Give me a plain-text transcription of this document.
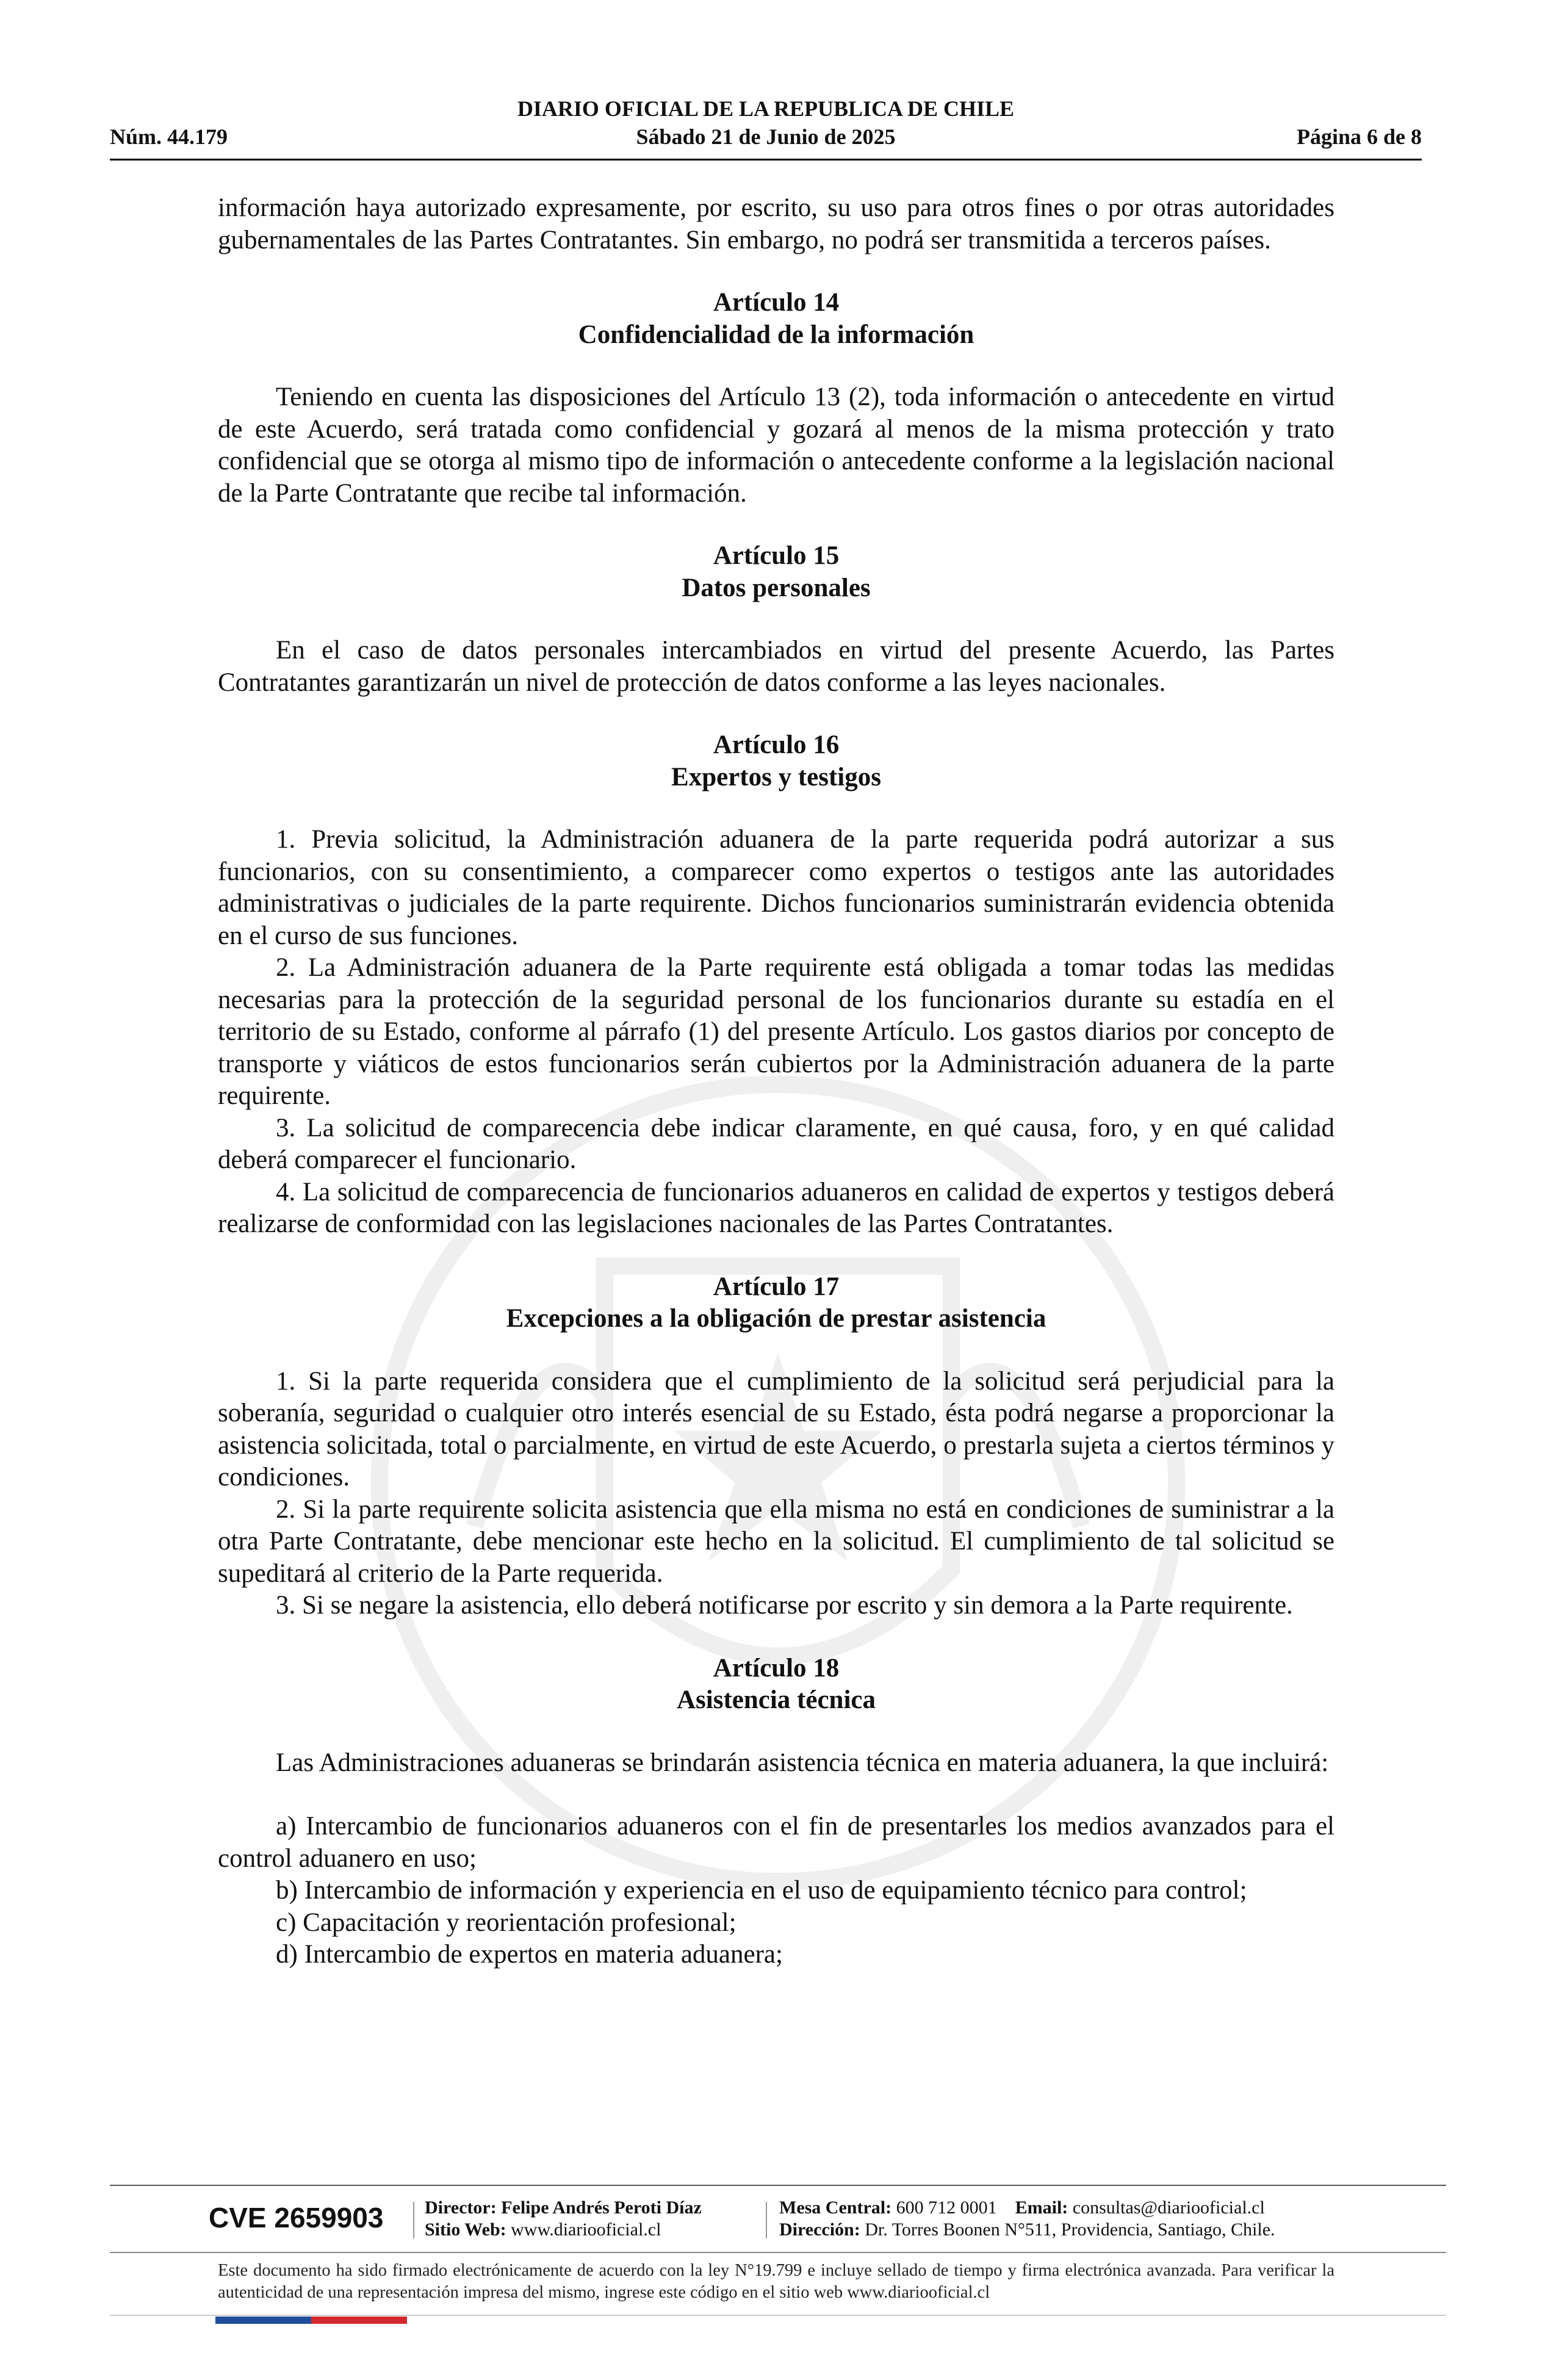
DIARIO OFICIAL DE LA REPUBLICA DE CHILE
Sábado 21 de Junio de 2025
Núm. 44.179	Página 6 de 8

información haya autorizado expresamente, por escrito, su uso para otros fines o por otras autoridades gubernamentales de las Partes Contratantes. Sin embargo, no podrá ser transmitida a terceros países.

Artículo 14
Confidencialidad de la información

Teniendo en cuenta las disposiciones del Artículo 13 (2), toda información o antecedente en virtud de este Acuerdo, será tratada como confidencial y gozará al menos de la misma protección y trato confidencial que se otorga al mismo tipo de información o antecedente conforme a la legislación nacional de la Parte Contratante que recibe tal información.

Artículo 15
Datos personales

En el caso de datos personales intercambiados en virtud del presente Acuerdo, las Partes Contratantes garantizarán un nivel de protección de datos conforme a las leyes nacionales.

Artículo 16
Expertos y testigos

1. Previa solicitud, la Administración aduanera de la parte requerida podrá autorizar a sus funcionarios, con su consentimiento, a comparecer como expertos o testigos ante las autoridades administrativas o judiciales de la parte requirente. Dichos funcionarios suministrarán evidencia obtenida en el curso de sus funciones.

2. La Administración aduanera de la Parte requirente está obligada a tomar todas las medidas necesarias para la protección de la seguridad personal de los funcionarios durante su estadía en el territorio de su Estado, conforme al párrafo (1) del presente Artículo. Los gastos diarios por concepto de transporte y viáticos de estos funcionarios serán cubiertos por la Administración aduanera de la parte requirente.

3. La solicitud de comparecencia debe indicar claramente, en qué causa, foro, y en qué calidad deberá comparecer el funcionario.

4. La solicitud de comparecencia de funcionarios aduaneros en calidad de expertos y testigos deberá realizarse de conformidad con las legislaciones nacionales de las Partes Contratantes.

Artículo 17
Excepciones a la obligación de prestar asistencia

1. Si la parte requerida considera que el cumplimiento de la solicitud será perjudicial para la soberanía, seguridad o cualquier otro interés esencial de su Estado, ésta podrá negarse a proporcionar la asistencia solicitada, total o parcialmente, en virtud de este Acuerdo, o prestarla sujeta a ciertos términos y condiciones.

2. Si la parte requirente solicita asistencia que ella misma no está en condiciones de suministrar a la otra Parte Contratante, debe mencionar este hecho en la solicitud. El cumplimiento de tal solicitud se supeditará al criterio de la Parte requerida.

3. Si se negare la asistencia, ello deberá notificarse por escrito y sin demora a la Parte requirente.

Artículo 18
Asistencia técnica

Las Administraciones aduaneras se brindarán asistencia técnica en materia aduanera, la que incluirá:

a) Intercambio de funcionarios aduaneros con el fin de presentarles los medios avanzados para el control aduanero en uso;

b) Intercambio de información y experiencia en el uso de equipamiento técnico para control;

c) Capacitación y reorientación profesional;

d) Intercambio de expertos en materia aduanera;

CVE 2659903 Director: Felipe Andrés Peroti Díaz
Sitio Web: www.diariooficial.cl
Mesa Central: 600 712 0001 Email: consultas@diariooficial.cl
Dirección: Dr. Torres Boonen N°511, Providencia, Santiago, Chile.
Este documento ha sido firmado electrónicamente de acuerdo con la ley N°19.799 e incluye sellado de tiempo y firma electrónica avanzada. Para verificar la autenticidad de una representación impresa del mismo, ingrese este código en el sitio web www.diariooficial.cl
